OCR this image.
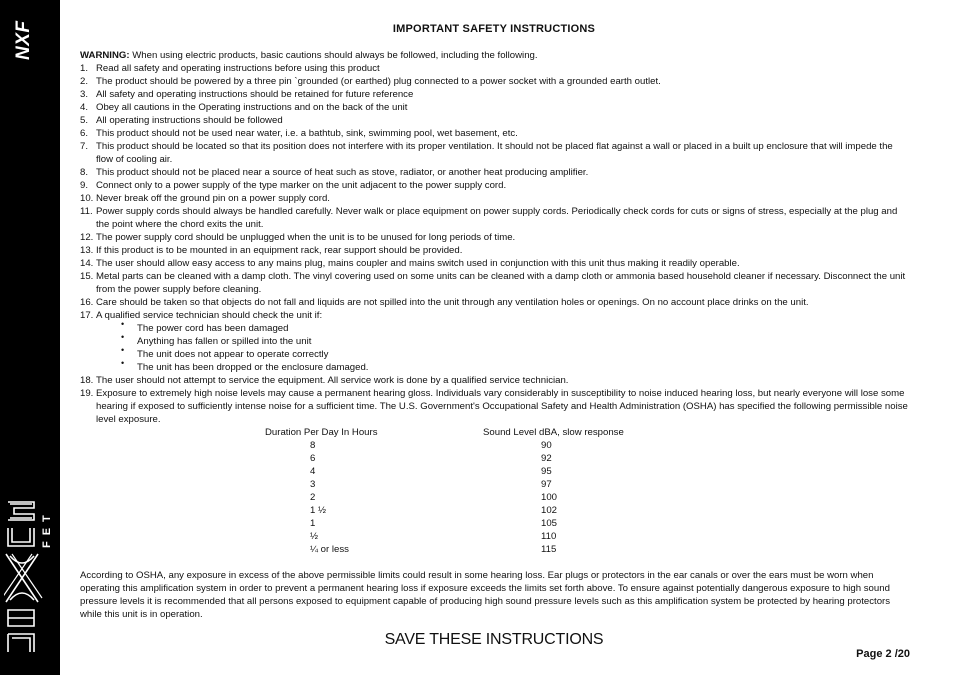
NXF
FET
IMPORTANT SAFETY INSTRUCTIONS
WARNING: When using electric products, basic cautions should always be followed, including the following.
1. Read all safety and operating instructions before using this product
2. The product should be powered by a three pin `grounded (or earthed) plug connected to a power socket with a grounded earth outlet.
3. All safety and operating instructions should be retained for future reference
4. Obey all cautions in the Operating instructions and on the back of the unit
5. All operating instructions should be followed
6. This product should not be used near water, i.e. a bathtub, sink, swimming pool, wet basement, etc.
7. This product should be located so that its position does not interfere with its proper ventilation. It should not be placed flat against a wall or placed in a built up enclosure that will impede the flow of cooling air.
8. This product should not be placed near a source of heat such as stove, radiator, or another heat producing amplifier.
9. Connect only to a power supply of the type marker on the unit adjacent to the power supply cord.
10. Never break off the ground pin on a power supply cord.
11. Power supply cords should always be handled carefully. Never walk or place equipment on power supply cords. Periodically check cords for cuts or signs of stress, especially at the plug and the point where the chord exits the unit.
12. The power supply cord should be unplugged when the unit is to be unused for long periods of time.
13. If this product is to be mounted in an equipment rack, rear support should be provided.
14. The user should allow easy access to any mains plug, mains coupler and mains switch used in conjunction with this unit thus making it readily operable.
15. Metal parts can be cleaned with a damp cloth. The vinyl covering used on some units can be cleaned with a damp cloth or ammonia based household cleaner if necessary. Disconnect the unit from the power supply before cleaning.
16. Care should be taken so that objects do not fall and liquids are not spilled into the unit through any ventilation holes or openings. On no account place drinks on the unit.
17. A qualified service technician should check the unit if:
•	The power cord has been damaged
•	Anything has fallen or spilled into the unit
•	The unit does not appear to operate correctly
•	The unit has been dropped or the enclosure damaged.
18. The user should not attempt to service the equipment. All service work is done by a qualified service technician.
19. Exposure to extremely high noise levels may cause a permanent hearing gloss. Individuals vary considerably in susceptibility to noise induced hearing loss, but nearly everyone will lose some hearing if exposed to sufficiently intense noise for a sufficient time. The U.S. Government's Occupational Safety and Health Administration (OSHA) has specified the following permissible noise level exposure.
Duration Per Day In Hours	Sound Level dBA, slow response
8	90
6	92
4	95
3	97
2	100
1 ½	102
1	105
½	110
¼ or less	115
According to OSHA, any exposure in excess of the above permissible limits could result in some hearing loss. Ear plugs or protectors in the ear canals or over the ears must be worn when operating this amplification system in order to prevent a permanent hearing loss if exposure exceeds the limits set forth above. To ensure against potentially dangerous exposure to high sound pressure levels it is recommended that all persons exposed to equipment capable of producing high sound pressure levels such as this amplification system be protected by hearing protectors while this unit is in operation.
SAVE THESE INSTRUCTIONS
Page 2 /20
